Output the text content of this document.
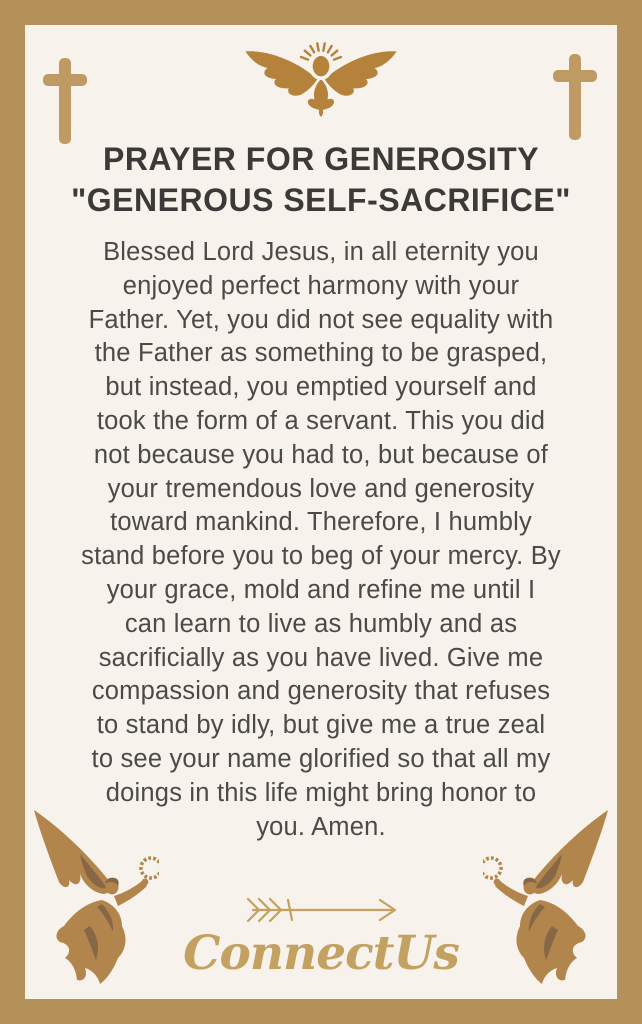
PRAYER FOR GENEROSITY
"GENEROUS SELF-SACRIFICE"
Blessed Lord Jesus, in all eternity you
enjoyed perfect harmony with your
Father. Yet, you did not see equality with
the Father as something to be grasped,
but instead, you emptied yourself and
took the form of a servant. This you did
not because you had to, but because of
your tremendous love and generosity
toward mankind. Therefore, I humbly
stand before you to beg of your mercy. By
your grace, mold and refine me until I
can learn to live as humbly and as
sacrificially as you have lived. Give me
compassion and generosity that refuses
to stand by idly, but give me a true zeal
to see your name glorified so that all my
doings in this life might bring honor to
you. Amen.
ConnectUs
